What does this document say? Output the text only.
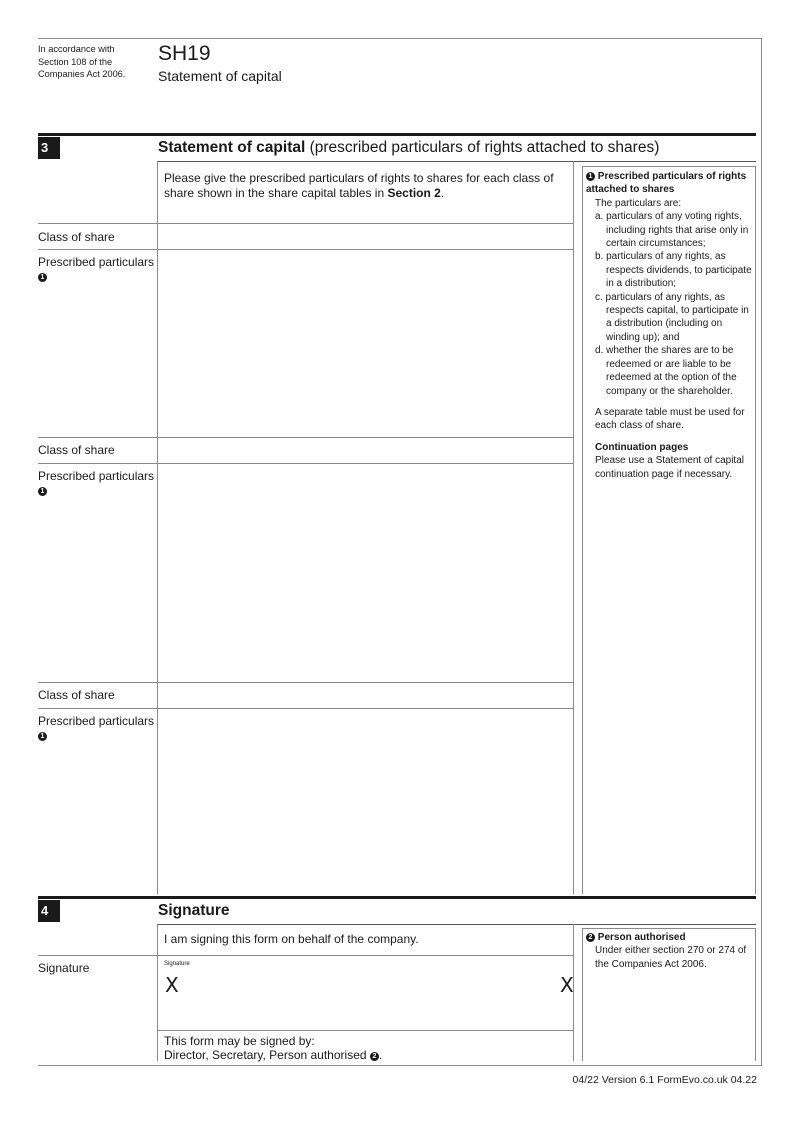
In accordance with
Section 108 of the
Companies Act 2006.
SH19
Statement of capital
3	Statement of capital (prescribed particulars of rights attached to shares)
Please give the prescribed particulars of rights to shares for each class of share shown in the share capital tables in Section 2.
Class of share
Prescribed particulars
1
Class of share
Prescribed particulars
1
Class of share
Prescribed particulars
1
1 Prescribed particulars of rights attached to shares
The particulars are:
a. particulars of any voting rights, including rights that arise only in certain circumstances;
b. particulars of any rights, as respects dividends, to participate in a distribution;
c. particulars of any rights, as respects capital, to participate in a distribution (including on winding up); and
d. whether the shares are to be redeemed or are liable to be redeemed at the option of the company or the shareholder.
A separate table must be used for each class of share.
Continuation pages
Please use a Statement of capital continuation page if necessary.
4	Signature
I am signing this form on behalf of the company.
Signature	Signature
X	X
This form may be signed by:
Director, Secretary, Person authorised 2 .
2 Person authorised
Under either section 270 or 274 of the Companies Act 2006.
04/22 Version 6.1 FormEvo.co.uk 04.22
